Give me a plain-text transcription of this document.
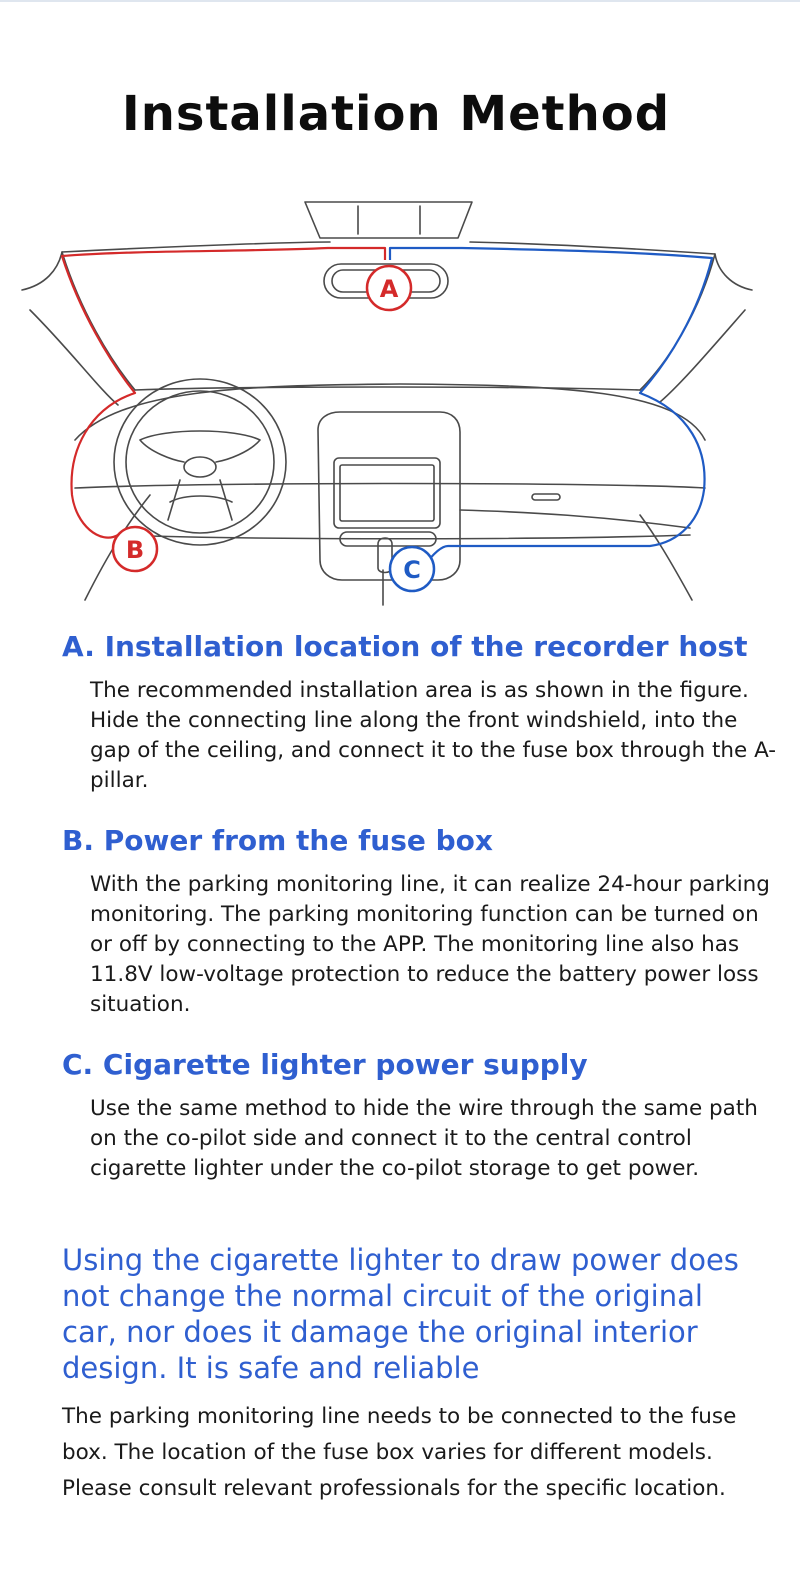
Installation Method
A
B
C
A. Installation location of the recorder host

The recommended installation area is as shown in the figure. Hide the connecting line along the front windshield, into the gap of the ceiling, and connect it to the fuse box through the A-pillar.

B. Power from the fuse box

With the parking monitoring line, it can realize 24-hour parking monitoring. The parking monitoring function can be turned on or off by connecting to the APP. The monitoring line also has 11.8V low-voltage protection to reduce the battery power loss situation.

C. Cigarette lighter power supply

Use the same method to hide the wire through the same path on the co-pilot side and connect it to the central control cigarette lighter under the co-pilot storage to get power.

Using the cigarette lighter to draw power does not change the normal circuit of the original car, nor does it damage the original interior design. It is safe and reliable

The parking monitoring line needs to be connected to the fuse box. The location of the fuse box varies for different models. Please consult relevant professionals for the specific location.
